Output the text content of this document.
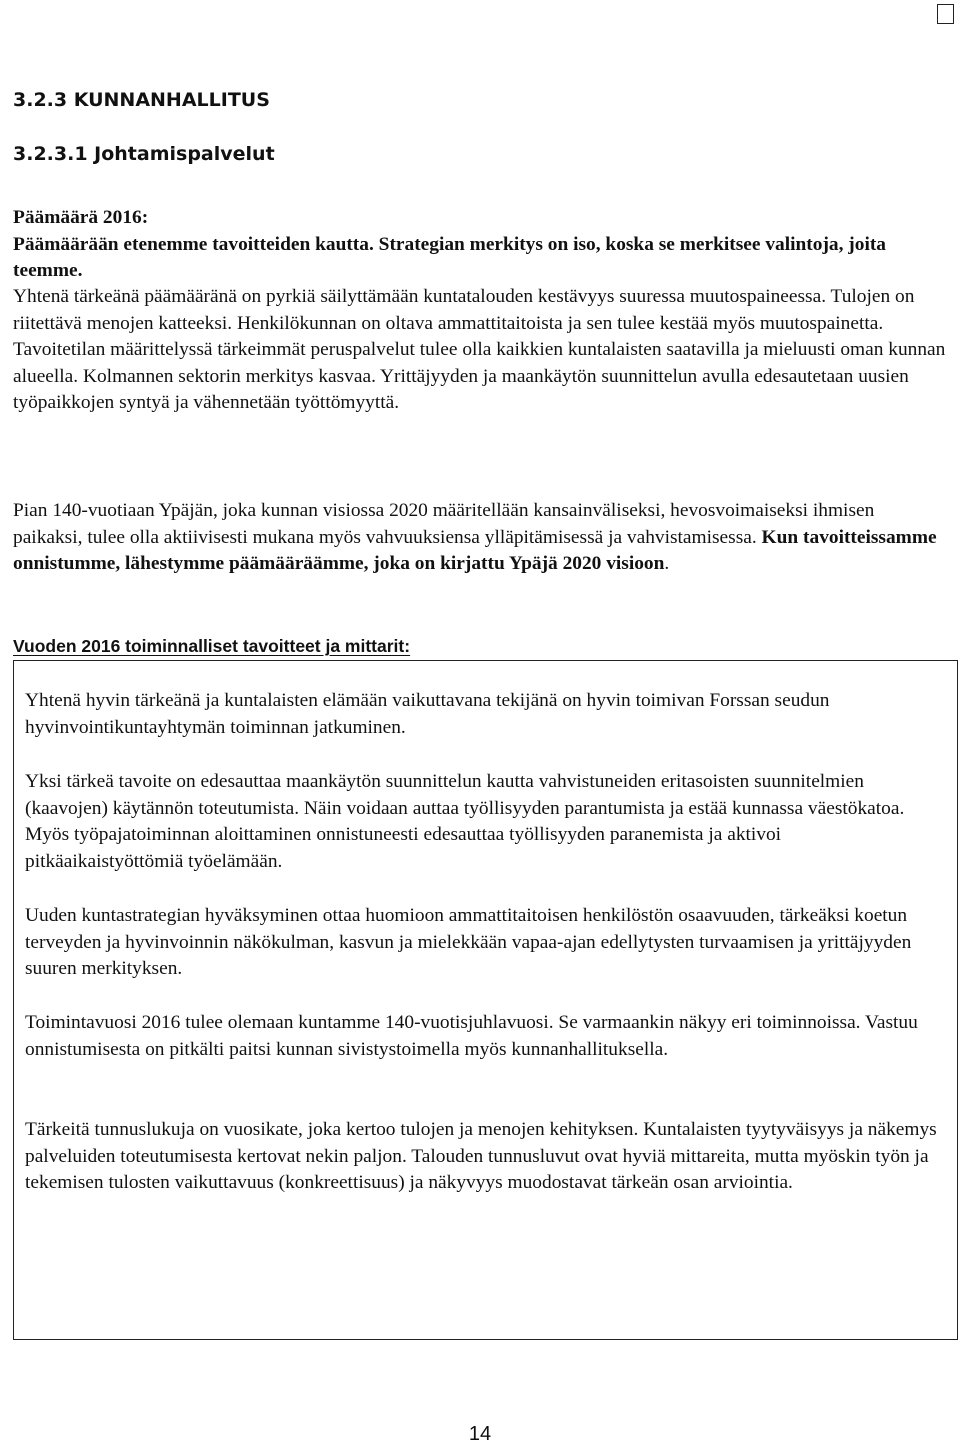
3.2.3 KUNNANHALLITUS
3.2.3.1 Johtamispalvelut
Päämäärä 2016:
Päämäärään etenemme tavoitteiden kautta. Strategian merkitys on iso, koska se merkitsee valintoja, joita teemme.

Yhtenä tärkeänä päämääränä on pyrkiä säilyttämään kuntatalouden kestävyys suuressa muutospaineessa. Tulojen on riitettävä menojen katteeksi. Henkilökunnan on oltava ammattitaitoista ja sen tulee kestää myös muutospainetta. Tavoitetilan määrittelyssä tärkeimmät peruspalvelut tulee olla kaikkien kuntalaisten saatavilla ja mieluusti oman kunnan alueella. Kolmannen sektorin merkitys kasvaa. Yrittäjyyden ja maankäytön suunnittelun avulla edesautetaan uusien työpaikkojen syntyä ja vähennetään työttömyyttä.

Pian 140-vuotiaan Ypäjän, joka kunnan visiossa 2020 määritellään kansainväliseksi, hevosvoimaiseksi ihmisen paikaksi, tulee olla aktiivisesti mukana myös vahvuuksiensa ylläpitämisessä ja vahvistamisessa. Kun tavoitteissamme onnistumme, lähestymme päämääräämme, joka on kirjattu Ypäjä 2020 visioon.

Vuoden 2016 toiminnalliset tavoitteet ja mittarit:

Yhtenä hyvin tärkeänä ja kuntalaisten elämään vaikuttavana tekijänä on hyvin toimivan Forssan seudun hyvinvointikuntayhtymän toiminnan jatkuminen.

Yksi tärkeä tavoite on edesauttaa maankäytön suunnittelun kautta vahvistuneiden eritasoisten suunnitelmien (kaavojen) käytännön toteutumista. Näin voidaan auttaa työllisyyden parantumista ja estää kunnassa väestökatoa. Myös työpajatoiminnan aloittaminen onnistuneesti edesauttaa työllisyyden paranemista ja aktivoi pitkäaikaistyöttömiä työelämään.

Uuden kuntastrategian hyväksyminen ottaa huomioon ammattitaitoisen henkilöstön osaavuuden, tärkeäksi koetun terveyden ja hyvinvoinnin näkökulman, kasvun ja mielekkään vapaa-ajan edellytysten turvaamisen ja yrittäjyyden suuren merkityksen.

Toimintavuosi 2016 tulee olemaan kuntamme 140-vuotisjuhlavuosi. Se varmaankin näkyy eri toiminnoissa. Vastuu onnistumisesta on pitkälti paitsi kunnan sivistystoimella myös kunnanhallituksella.

Tärkeitä tunnuslukuja on vuosikate, joka kertoo tulojen ja menojen kehityksen. Kuntalaisten tyytyväisyys ja näkemys palveluiden toteutumisesta kertovat nekin paljon. Talouden tunnusluvut ovat hyviä mittareita, mutta myöskin työn ja tekemisen tulosten vaikuttavuus (konkreettisuus) ja näkyvyys muodostavat tärkeän osan arviointia.

14
